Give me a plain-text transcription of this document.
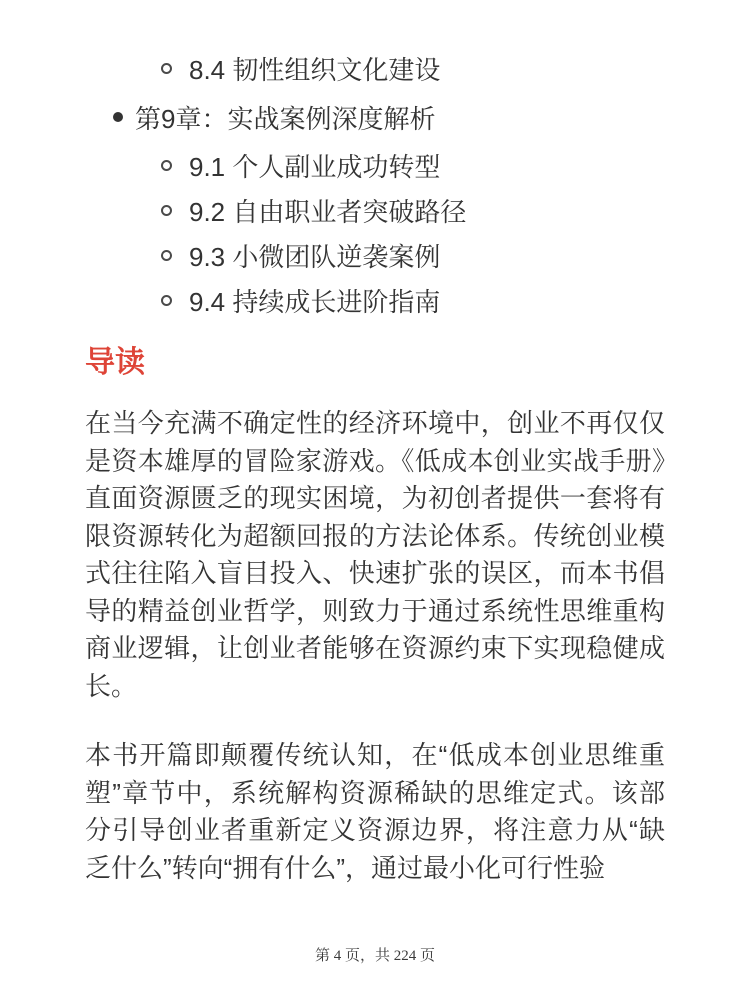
8.4 韧性组织文化建设
第9章：实战案例深度解析
9.1 个人副业成功转型
9.2 自由职业者突破路径
9.3 小微团队逆袭案例
9.4 持续成长进阶指南
导读

在当今充满不确定性的经济环境中，创业不再仅仅是资本雄厚的冒险家游戏。《低成本创业实战手册》直面资源匮乏的现实困境，为初创者提供一套将有限资源转化为超额回报的方法论体系。传统创业模式往往陷入盲目投入、快速扩张的误区，而本书倡导的精益创业哲学，则致力于通过系统性思维重构商业逻辑，让创业者能够在资源约束下实现稳健成长。

本书开篇即颠覆传统认知，在“低成本创业思维重塑”章节中，系统解构资源稀缺的思维定式。该部分引导创业者重新定义资源边界，将注意力从“缺乏什么”转向“拥有什么”，通过最小化可行性验

第 4 页，共 224 页
